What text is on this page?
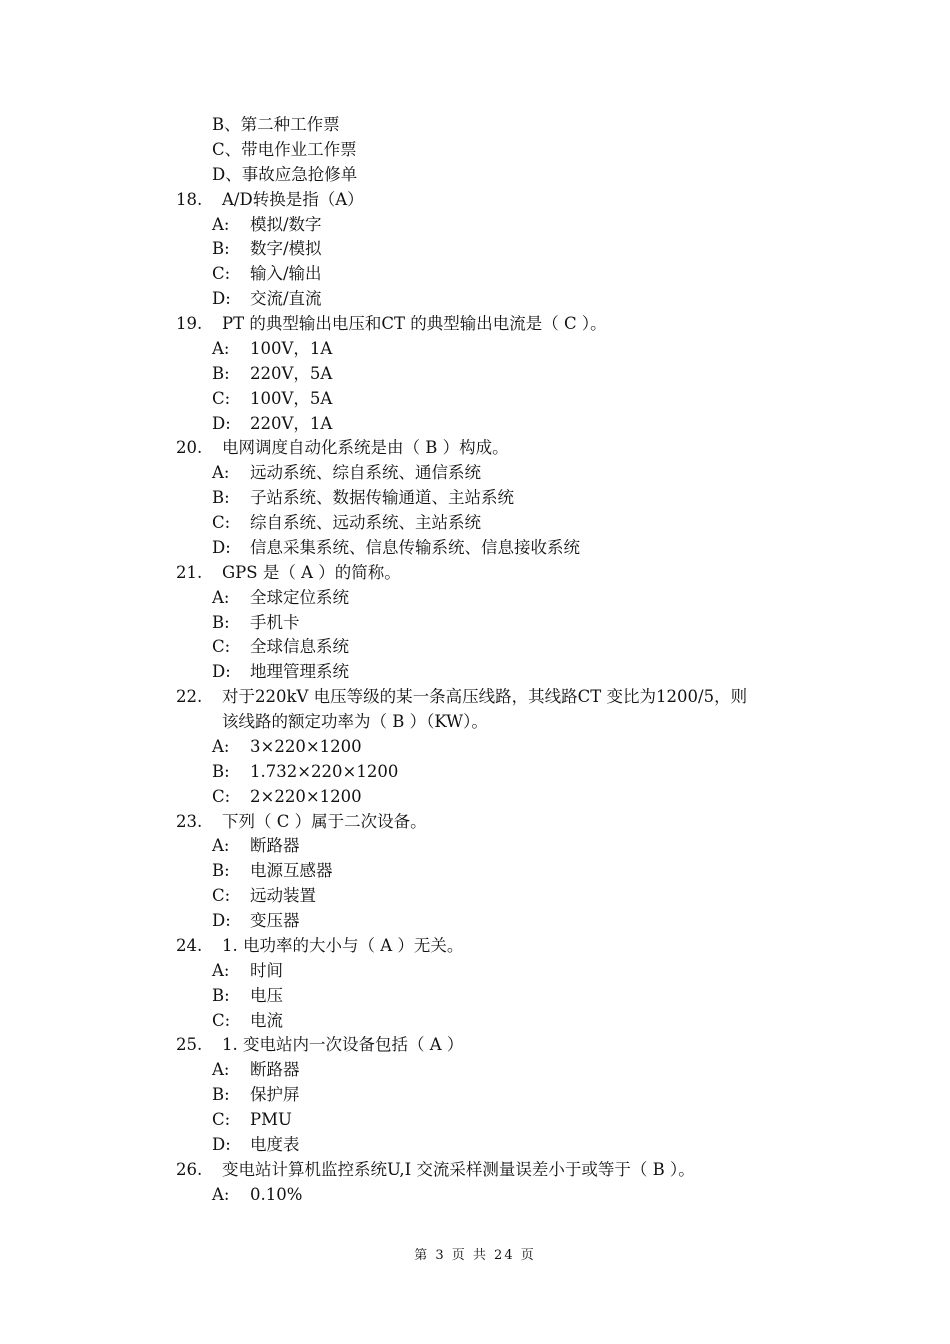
B、第二种工作票
C、带电作业工作票
D、事故应急抢修单
18. A/D转换是指（A）
A: 模拟/数字
B: 数字/模拟
C: 输入/输出
D: 交流/直流
19. PT 的典型输出电压和CT 的典型输出电流是（ C ）。
A: 100V，1A
B: 220V，5A
C: 100V，5A
D: 220V，1A
20. 电网调度自动化系统是由（ B ）构成。
A: 远动系统、综自系统、通信系统
B: 子站系统、数据传输通道、主站系统
C: 综自系统、远动系统、主站系统
D: 信息采集系统、信息传输系统、信息接收系统
21. GPS 是（ A ）的简称。
A: 全球定位系统
B: 手机卡
C: 全球信息系统
D: 地理管理系统
22. 对于220kV 电压等级的某一条高压线路，其线路CT 变比为1200/5，则
该线路的额定功率为（ B ）（KW）。
A: 3×220×1200
B: 1.732×220×1200
C: 2×220×1200
23. 下列（ C ）属于二次设备。
A: 断路器
B: 电源互感器
C: 远动装置
D: 变压器
24. 1. 电功率的大小与（ A ）无关。
A: 时间
B: 电压
C: 电流
25. 1. 变电站内一次设备包括（ A ）
A: 断路器
B: 保护屏
C: PMU
D: 电度表
26. 变电站计算机监控系统U,I 交流采样测量误差小于或等于（ B ）。
A: 0.10%
第 3 页 共 24 页
